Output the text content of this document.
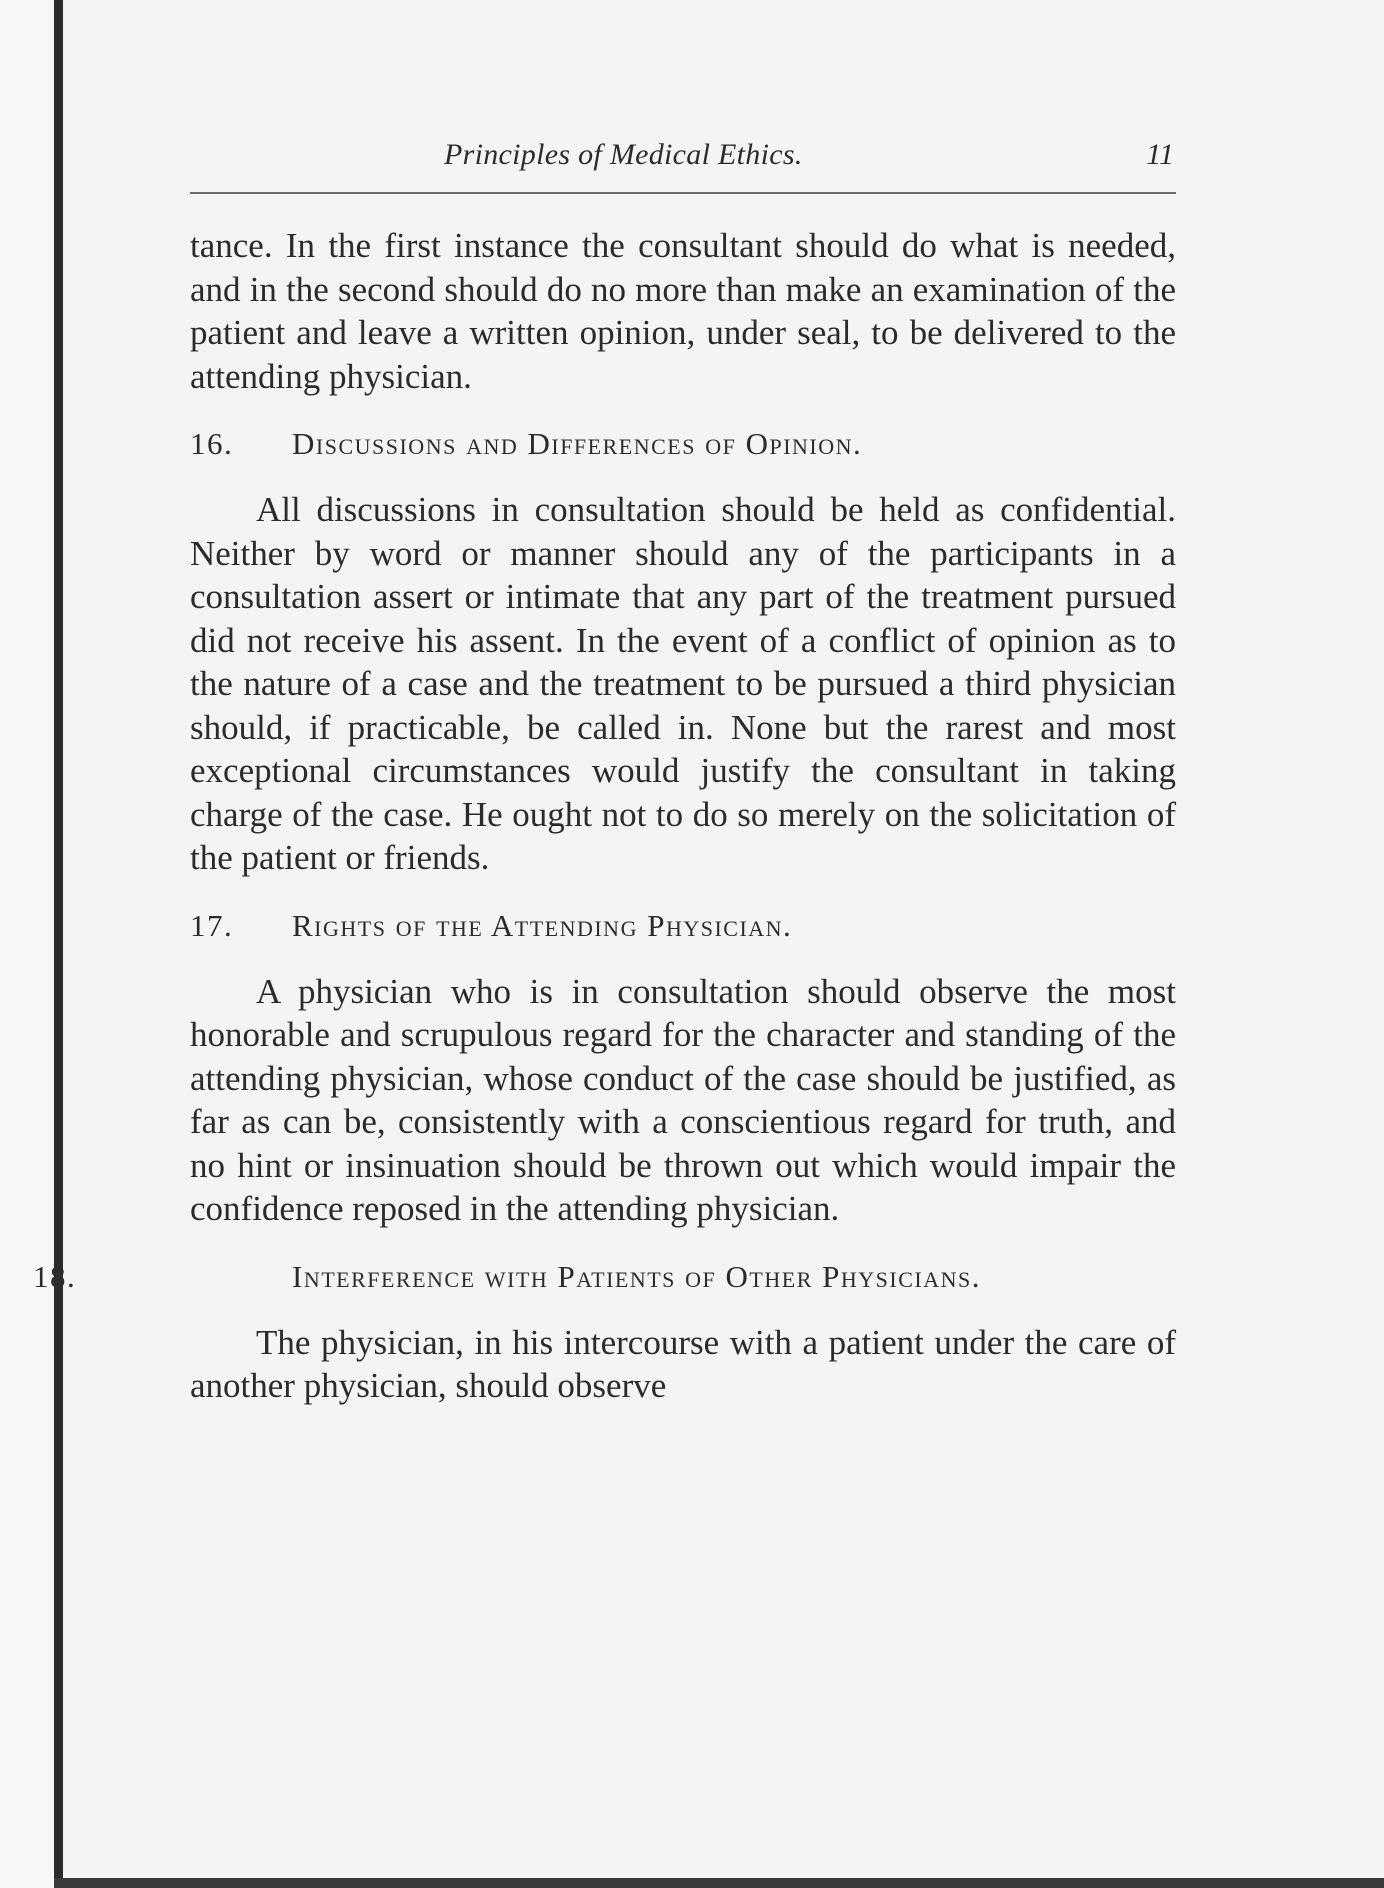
Principles of Medical Ethics.	11

tance. In the first instance the consultant should do what is needed, and in the second should do no more than make an examination of the patient and leave a written opinion, under seal, to be delivered to the attending physician.

16. Discussions and Differences of Opinion.

All discussions in consultation should be held as confidential. Neither by word or manner should any of the participants in a consultation assert or intimate that any part of the treatment pursued did not receive his assent. In the event of a conflict of opinion as to the nature of a case and the treatment to be pursued a third physician should, if practicable, be called in. None but the rarest and most exceptional circumstances would justify the consultant in taking charge of the case. He ought not to do so merely on the solicitation of the patient or friends.

17. Rights of the Attending Physician.

A physician who is in consultation should observe the most honorable and scrupulous regard for the character and standing of the attending physician, whose conduct of the case should be justified, as far as can be, consistently with a conscientious regard for truth, and no hint or insinuation should be thrown out which would impair the confidence reposed in the attending physician.

18.	Interference with Patients of Other Physicians.

The physician, in his intercourse with a patient under the care of another physician, should observe
